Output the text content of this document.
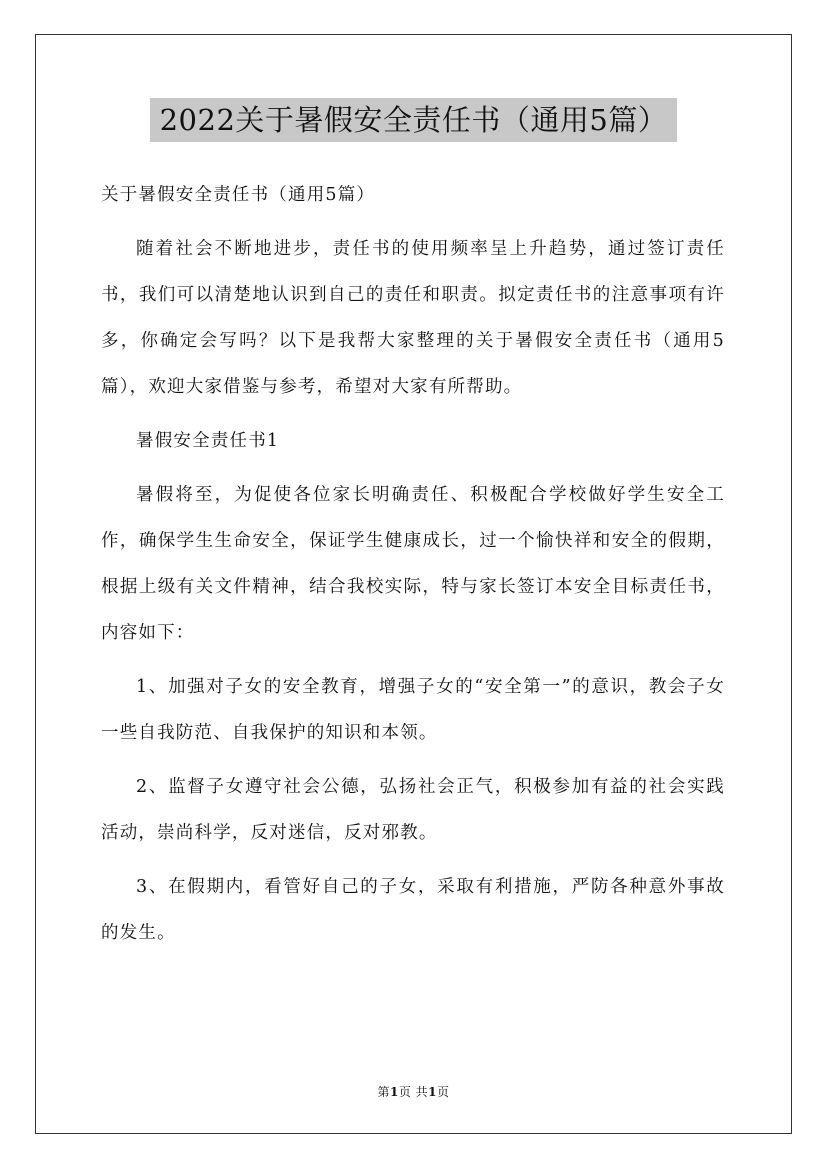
2022关于暑假安全责任书（通用5篇）

关于暑假安全责任书（通用5篇）

随着社会不断地进步，责任书的使用频率呈上升趋势，通过签订责任书，我们可以清楚地认识到自己的责任和职责。拟定责任书的注意事项有许多，你确定会写吗？以下是我帮大家整理的关于暑假安全责任书（通用5篇），欢迎大家借鉴与参考，希望对大家有所帮助。

暑假安全责任书1

暑假将至，为促使各位家长明确责任、积极配合学校做好学生安全工作，确保学生生命安全，保证学生健康成长，过一个愉快祥和安全的假期，根据上级有关文件精神，结合我校实际，特与家长签订本安全目标责任书，内容如下：

1、加强对子女的安全教育，增强子女的“安全第一”的意识，教会子女一些自我防范、自我保护的知识和本领。

2、监督子女遵守社会公德，弘扬社会正气，积极参加有益的社会实践活动，崇尚科学，反对迷信，反对邪教。

3、在假期内，看管好自己的子女，采取有利措施，严防各种意外事故的发生。

第1页 共1页
